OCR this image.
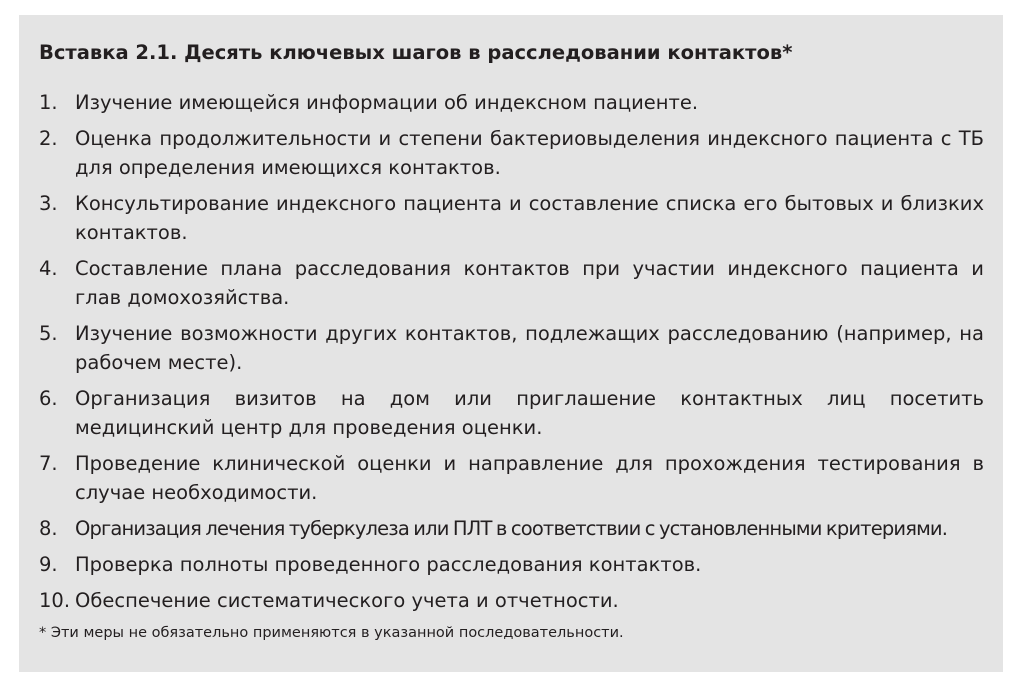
Вставка 2.1. Десять ключевых шагов в расследовании контактов*
1. Изучение имеющейся информации об индексном пациенте.
2. Оценка продолжительности и степени бактериовыделения индексного пациента с ТБ для определения имеющихся контактов.
3. Консультирование индексного пациента и составление списка его бытовых и близких контактов.
4. Составление плана расследования контактов при участии индексного пациента и глав домохозяйства.
5. Изучение возможности других контактов, подлежащих расследованию (например, на рабочем месте).
6. Организация визитов на дом или приглашение контактных лиц посетить медицинский центр для проведения оценки.
7. Проведение клинической оценки и направление для прохождения тестирования в случае необходимости.
8. Организация лечения туберкулеза или ПЛТ в соответствии с установленными критериями.
9. Проверка полноты проведенного расследования контактов.
10. Обеспечение систематического учета и отчетности.
* Эти меры не обязательно применяются в указанной последовательности.
